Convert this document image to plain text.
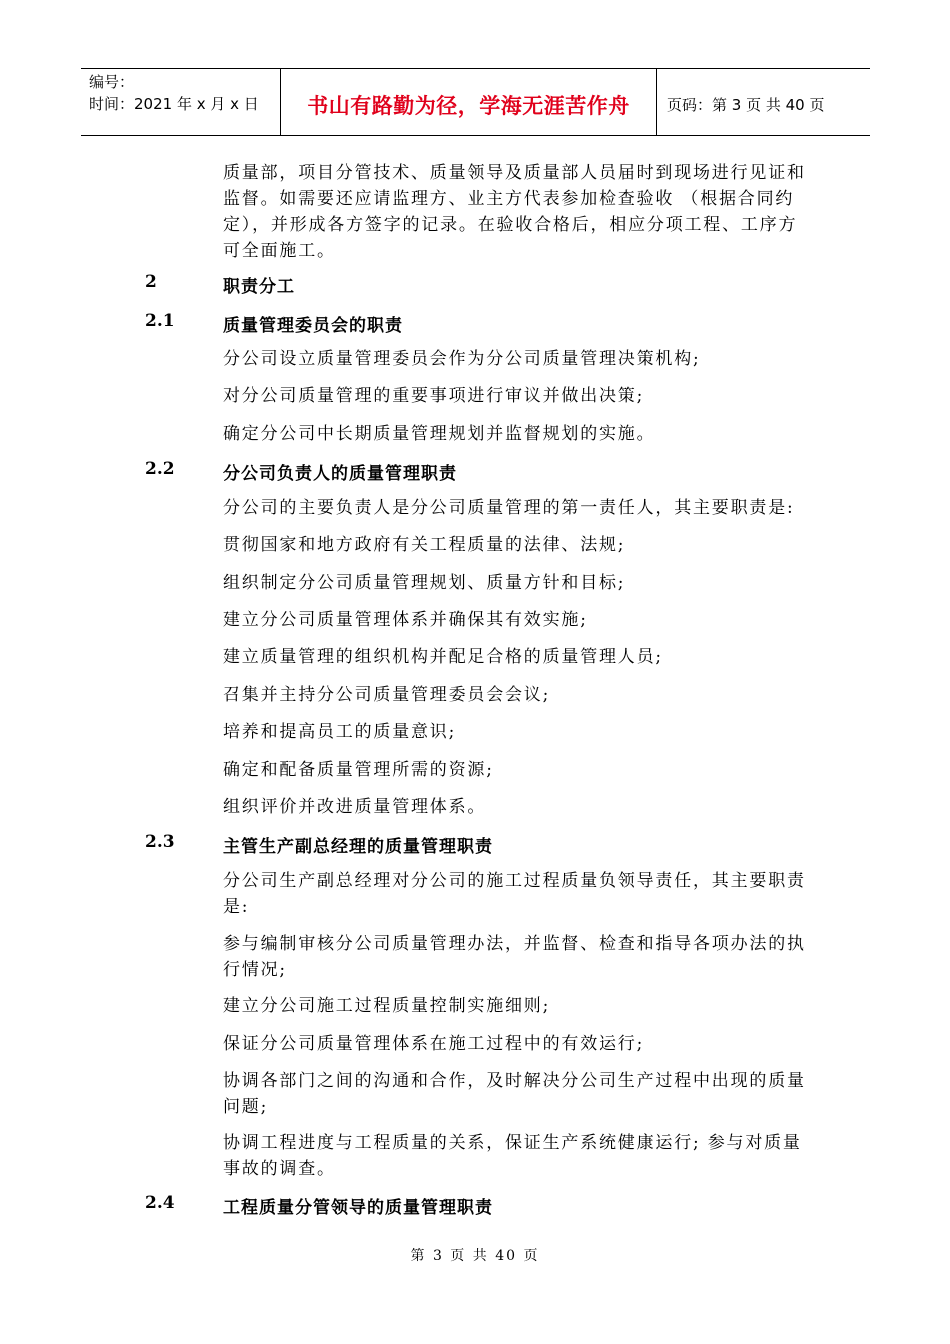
编号：
时间：2021 年 x 月 x 日	书山有路勤为径，学海无涯苦作舟	页码：第 3 页 共 40 页
质量部，项目分管技术、质量领导及质量部人员届时到现场进行见证和监督。如需要还应请监理方、业主方代表参加检查验收 （根据合同约定），并形成各方签字的记录。在验收合格后，相应分项工程、工序方可全面施工。
2	职责分工
2.1	质量管理委员会的职责
分公司设立质量管理委员会作为分公司质量管理决策机构;
对分公司质量管理的重要事项进行审议并做出决策;
确定分公司中长期质量管理规划并监督规划的实施。
2.2	分公司负责人的质量管理职责
分公司的主要负责人是分公司质量管理的第一责任人，其主要职责是:
贯彻国家和地方政府有关工程质量的法律、法规;
组织制定分公司质量管理规划、质量方针和目标;
建立分公司质量管理体系并确保其有效实施;
建立质量管理的组织机构并配足合格的质量管理人员;
召集并主持分公司质量管理委员会会议;
培养和提高员工的质量意识;
确定和配备质量管理所需的资源;
组织评价并改进质量管理体系。
2.3	主管生产副总经理的质量管理职责
分公司生产副总经理对分公司的施工过程质量负领导责任，其主要职责是:
参与编制审核分公司质量管理办法，并监督、检查和指导各项办法的执行情况;
建立分公司施工过程质量控制实施细则;
保证分公司质量管理体系在施工过程中的有效运行;
协调各部门之间的沟通和合作，及时解决分公司生产过程中出现的质量问题;
协调工程进度与工程质量的关系，保证生产系统健康运行; 参与对质量事故的调查。
2.4	工程质量分管领导的质量管理职责
第 3 页 共 40 页
